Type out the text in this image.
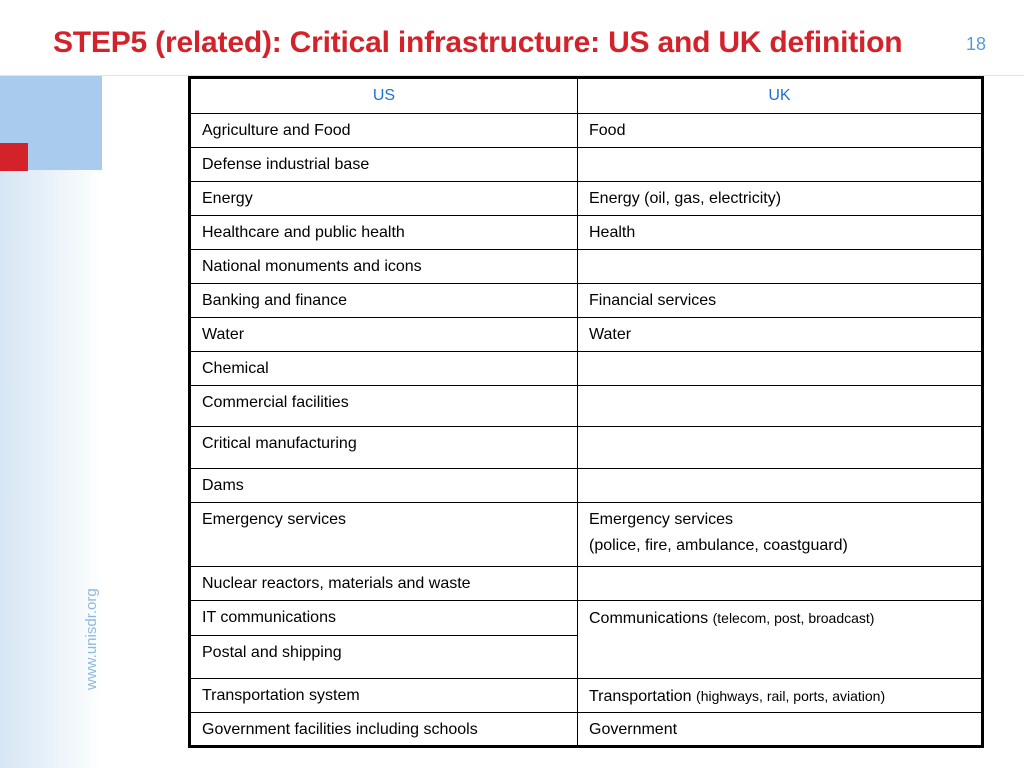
STEP5 (related): Critical infrastructure: US and UK definition	18
www.unisdr.org
US	UK

Agriculture and Food	Food

Defense industrial base	

Energy	Energy (oil, gas, electricity)

Healthcare and public health	Health

National monuments and icons	

Banking and finance	Financial services

Water	Water

Chemical	

Commercial facilities	

Critical manufacturing	

Dams	

Emergency services	Emergency services
(police, fire, ambulance, coastguard)

Nuclear reactors, materials and waste	

IT communications	Communications (telecom, post, broadcast)

Postal and shipping	

Transportation system	Transportation (highways, rail, ports, aviation)

Government facilities including schools	Government
